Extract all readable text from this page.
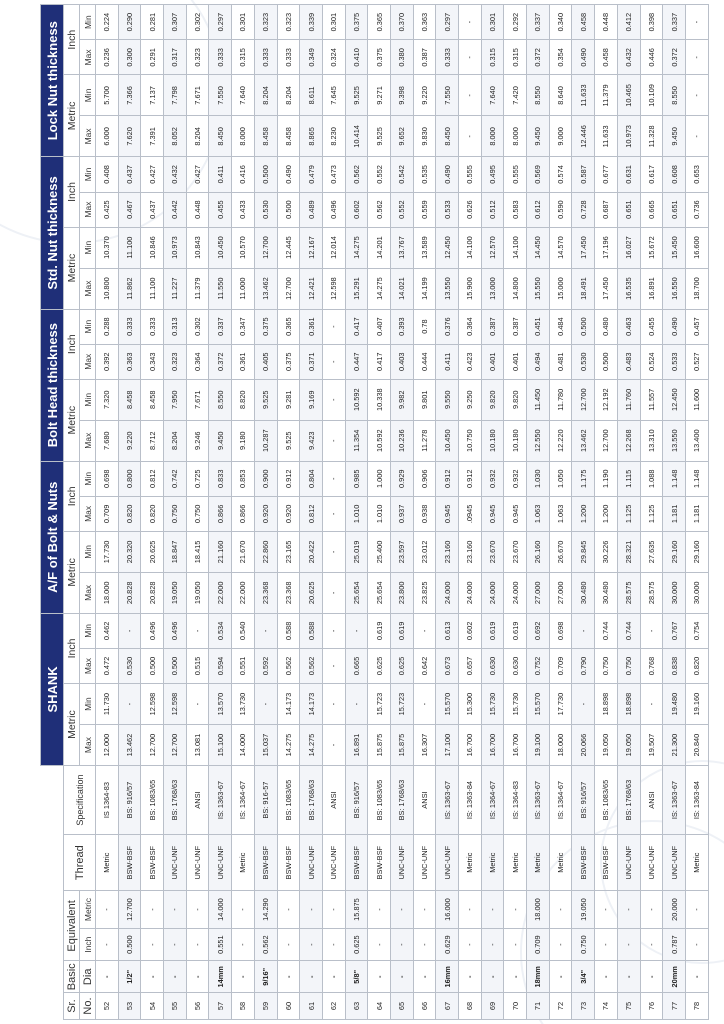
						SHANK				A/F of Bolt & Nuts				Bolt Head thickness				Std. Nut thickness				Lock Nut thickness			
Sr.	Basic	Equivalent		Thread	Specification	Metric		Inch		Metric		Inch		Metric		Inch		Metric		Inch		Metric		Inch	
No.	Dia	Inch	Metric			Max	Min	Max	Min	Max	Min	Max	Min	Max	Min	Max	Min	Max	Min	Max	Min	Max	Min	Max	Min
52	-	-	-	Metric	IS 1364-83	12.000	11.730	0.472	0.462	18.000	17.730	0.709	0.698	7.680	7.320	0.392	0.288	10.800	10.370	0.425	0.408	6.000	5.700	0.236	0.224
53	1/2"	0.500	12.700	BSW-BSF	BS: 916/57	13.462	-	0.530	-	20.828	20.320	0.820	0.800	9.220	8.458	0.363	0.333	11.862	11.100	0.467	0.437	7.620	7.366	0.300	0.290
54	-	-	-	BSW-BSF	BS: 1083/65	12.700	12.598	0.500	0.496	20.828	20.625	0.820	0.812	8.712	8.458	0.343	0.333	11.100	10.846	0.437	0.427	7.391	7.137	0.291	0.281
55	-	-	-	UNC-UNF	BS: 1768/63	12.700	12.598	0.500	0.496	19.050	18.847	0.750	0.742	8.204	7.950	0.323	0.313	11.227	10.973	0.442	0.432	8.052	7.798	0.317	0.307
56	-	-	-	UNC-UNF	ANSI	13.081	-	0.515	-	19.050	18.415	0.750	0.725	9.246	7.671	0.364	0.302	11.379	10.843	0.448	0.427	8.204	7.671	0.323	0.302
57	14mm	0.551	14.000	UNC-UNF	IS: 1363-67	15.100	13.570	0.594	0.534	22.000	21.160	0.866	0.833	9.450	8.550	0.372	0.337	11.550	10.450	0.455	0.411	8.450	7.550	0.333	0.297
58	-	-	-	Metric	IS: 1364-67	14.000	13.730	0.551	0.540	22.000	21.670	0.866	0.853	9.180	8.820	0.361	0.347	11.000	10.570	0.433	0.416	8.000	7.640	0.315	0.301
59	9/16"	0.562	14.290	BSW-BSF	BS: 916-57	15.037	-	0.592	-	23.368	22.860	0.920	0.900	10.287	9.525	0.405	0.375	13.462	12.700	0.530	0.500	8.458	8.204	0.333	0.323
60	-	-	-	BSW-BSF	BS: 1083/65	14.275	14.173	0.562	0.588	23.368	23.165	0.920	0.912	9.525	9.281	0.375	0.365	12.700	12.445	0.500	0.490	8.458	8.204	0.333	0.323
61	-	-	-	UNC-UNF	BS: 1768/63	14.275	14.173	0.562	0.588	20.625	20.422	0.812	0.804	9.423	9.169	0.371	0.361	12.421	12.167	0.489	0.479	8.865	8.611	0.349	0.339
62	-	-	-	UNC-UNF	ANSI	-	-	-	-	-	-	-	-	-	-	-	-	12.598	12.014	0.496	0.473	8.230	7.645	0.324	0.301
63	5/8"	0.625	15.875	BSW-BSF	BS: 916/57	16.891	-	0.665	-	25.654	25.019	1.010	0.985	11.354	10.592	0.447	0.417	15.291	14.275	0.602	0.562	10.414	9.525	0.410	0.375
64	-	-	-	BSW-BSF	BS: 1083/65	15.875	15.723	0.625	0.619	25.654	25.400	1.010	1.000	10.592	10.338	0.417	0.407	14.275	14.201	0.562	0.552	9.525	9.271	0.375	0.365
65	-	-	-	UNC-UNF	BS: 1768/63	15.875	15.723	0.625	0.619	23.800	23.597	0.937	0.929	10.236	9.982	0.403	0.393	14.021	13.767	0.552	0.542	9.652	9.398	0.380	0.370
66	-	-	-	UNC-UNF	ANSI	16.307	-	0.642	-	23.825	23.012	0.938	0.906	11.278	9.801	0.444	0.78	14.199	13.589	0.559	0.535	9.830	9.220	0.387	0.363
67	16mm	0.629	16.000	UNC-UNF	IS: 1363-67	17.100	15.570	0.673	0.613	24.000	23.160	0.945	0.912	10.450	9.550	0.411	0.376	13.550	12.450	0.533	0.490	8.450	7.550	0.333	0.297
68	-	-	-	Metric	IS: 1363-84	16.700	15.300	0.657	0.602	24.000	23.160	.0945	0.912	10.750	9.250	0.423	0.364	15.900	14.100	0.626	0.555	-	-	-	-
69	-	-	-	Metric	IS: 1364-67	16.700	15.730	0.630	0.619	24.000	23.670	0.945	0.932	10.180	9.820	0.401	0.387	13.000	12.570	0.512	0.495	8.000	7.640	0.315	0.301
70	-	-	-	Metric	IS: 1364-83	16.700	15.730	0.630	0.619	24.000	23.670	0.945	0.932	10.180	9.820	0.401	0.387	14.800	14.100	0.583	0.555	8.000	7.420	0.315	0.292
71	18mm	0.709	18.000	Metric	IS: 1363-67	19.100	15.570	0.752	0.692	27.000	26.160	1.063	1.030	12.550	11.450	0.494	0.451	15.550	14.450	0.612	0.569	9.450	8.550	0.372	0.337
72	-	-	-	Metric	IS: 1364-67	18.000	17.730	0.709	0.698	27.000	26.670	1.063	1.050	12.220	11.780	0.481	0.484	15.000	14.570	0.590	0.574	9.000	8.640	0.354	0.340
73	3/4"	0.750	19.050	BSW-BSF	BS: 916/57	20.066	-	0.790	-	30.480	29.845	1.200	1.175	13.462	12.700	0.530	0.500	18.491	17.450	0.728	0.587	12.446	11.633	0.490	0.458
74	-	-	-	BSW-BSF	BS: 1083/65	19.050	18.898	0.750	0.744	30.480	30.226	1.200	1.190	12.700	12.192	0.500	0.480	17.450	17.196	0.687	0.677	11.633	11.379	0.458	0.448
75	-	-	-	UNC-UNF	BS: 1768/63	19.050	18.898	0.750	0.744	28.575	28.321	1.125	1.115	12.268	11.760	0.483	0.463	16.535	16.027	0.651	0.631	10.973	10.465	0.432	0.412
76	-	-	-	UNC-UNF	ANSI	19.507	-	0.768	-	28.575	27.635	1.125	1.088	13.310	11.557	0.524	0.455	16.891	15.672	0.665	0.617	11.328	10.109	0.446	0.398
77	20mm	0.787	20.000	UNC-UNF	IS: 1363-67	21.300	19.480	0.838	0.767	30.000	29.160	1.181	1.148	13.550	12.450	0.533	0.490	16.550	15.450	0.651	0.608	9.450	8.550	0.372	0.337
78	-	-	-	Metric	IS: 1363-84	20.840	19.160	0.820	0.754	30.000	29.160	1.181	1.148	13.400	11.600	0.527	0.457	18.700	16.600	0.736	0.653	-	-	-	-
